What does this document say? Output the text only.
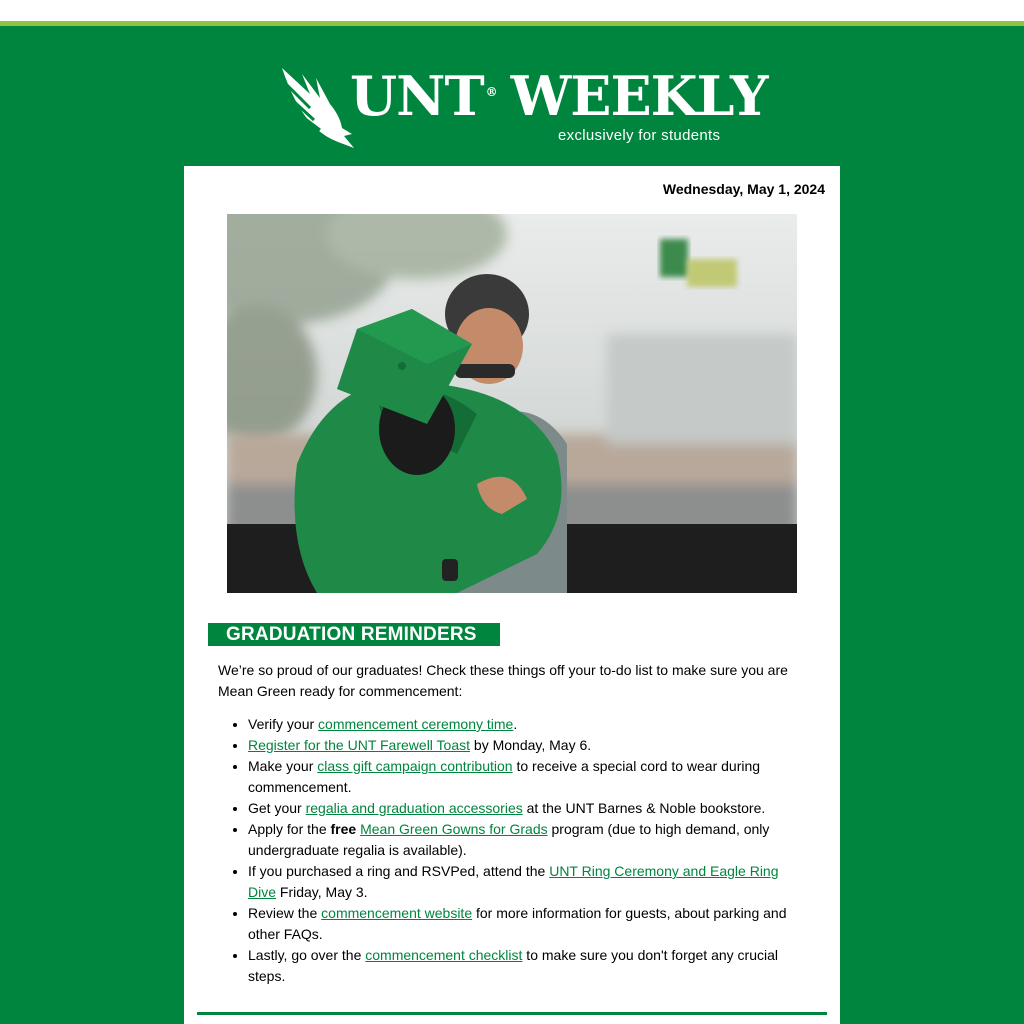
UNT ® WEEKLY
exclusively for students
Wednesday, May 1, 2024
GRADUATION REMINDERS

We’re so proud of our graduates! Check these things off your to-do list to make sure you are Mean Green ready for commencement:

• Verify your commencement ceremony time.
• Register for the UNT Farewell Toast by Monday, May 6.
• Make your class gift campaign contribution to receive a special cord to wear during commencement.
• Get your regalia and graduation accessories at the UNT Barnes & Noble bookstore.
• Apply for the free Mean Green Gowns for Grads program (due to high demand, only undergraduate regalia is available).
• If you purchased a ring and RSVPed, attend the UNT Ring Ceremony and Eagle Ring Dive Friday, May 3.
• Review the commencement website for more information for guests, about parking and other FAQs.
• Lastly, go over the commencement checklist to make sure you don't forget any crucial steps.
